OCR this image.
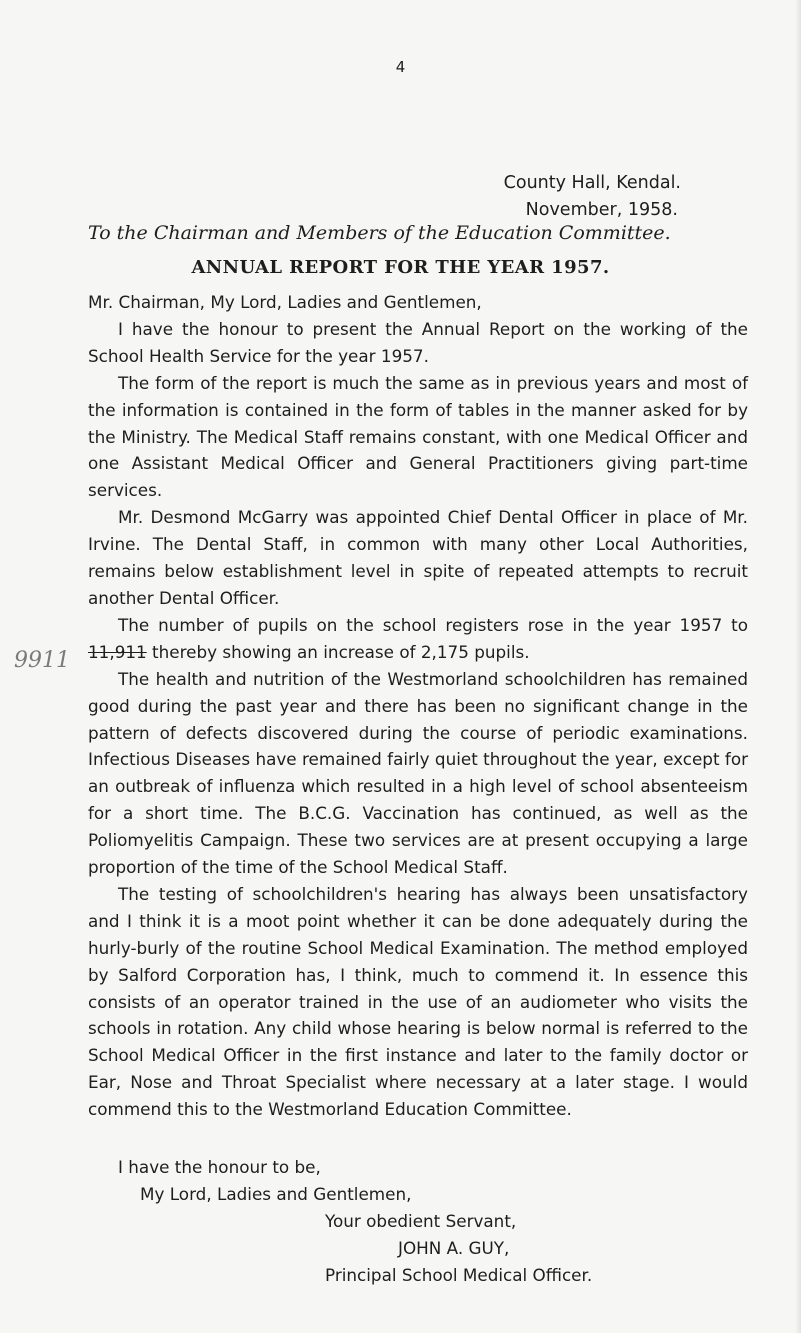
4
County Hall, Kendal.
November, 1958.
To the Chairman and Members of the Education Committee.
ANNUAL REPORT FOR THE YEAR 1957.

Mr. Chairman, My Lord, Ladies and Gentlemen,

I have the honour to present the Annual Report on the working of the School Health Service for the year 1957.

The form of the report is much the same as in previous years and most of the information is contained in the form of tables in the manner asked for by the Ministry. The Medical Staff remains constant, with one Medical Officer and one Assistant Medical Officer and General Practitioners giving part-time services.

Mr. Desmond McGarry was appointed Chief Dental Officer in place of Mr. Irvine. The Dental Staff, in common with many other Local Authorities, remains below establishment level in spite of repeated attempts to recruit another Dental Officer.

The number of pupils on the school registers rose in the year 1957 to 11,911 thereby showing an increase of 2,175 pupils.

The health and nutrition of the Westmorland schoolchildren has remained good during the past year and there has been no significant change in the pattern of defects discovered during the course of periodic examinations. Infectious Diseases have remained fairly quiet throughout the year, except for an outbreak of influenza which resulted in a high level of school absenteeism for a short time. The B.C.G. Vaccination has continued, as well as the Poliomyelitis Campaign. These two services are at present occupying a large proportion of the time of the School Medical Staff.

The testing of schoolchildren's hearing has always been unsatisfactory and I think it is a moot point whether it can be done adequately during the hurly-burly of the routine School Medical Examination. The method employed by Salford Corporation has, I think, much to commend it. In essence this consists of an operator trained in the use of an audiometer who visits the schools in rotation. Any child whose hearing is below normal is referred to the School Medical Officer in the first instance and later to the family doctor or Ear, Nose and Throat Specialist where necessary at a later stage. I would commend this to the Westmorland Education Committee.

I have the honour to be,
My Lord, Ladies and Gentlemen,
Your obedient Servant,
JOHN A. GUY,
Principal School Medical Officer.
9911
